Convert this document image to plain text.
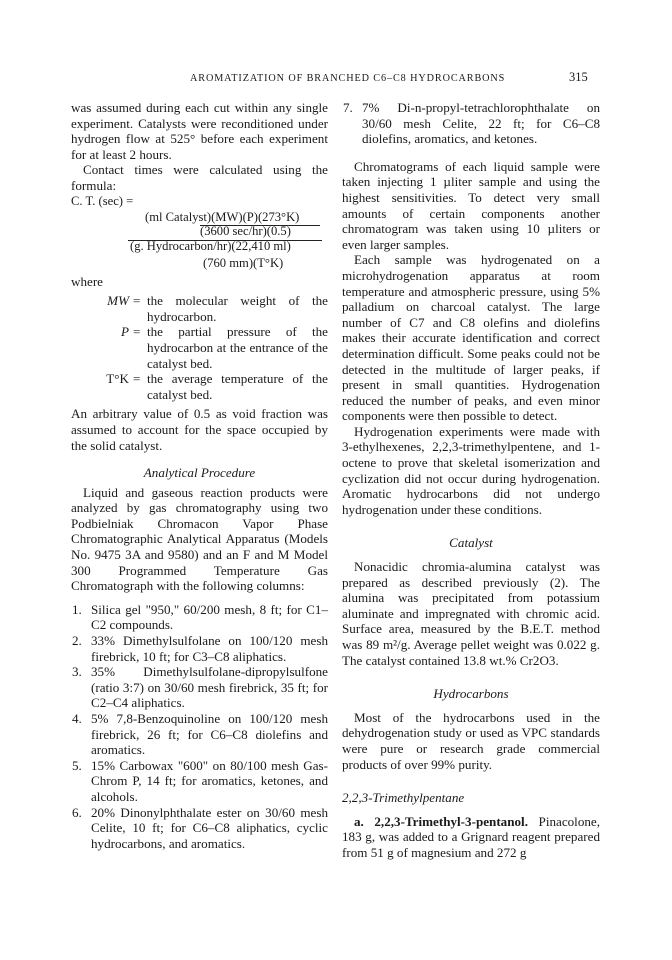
AROMATIZATION OF BRANCHED C6–C8 HYDROCARBONS	315

was assumed during each cut within any single experiment. Catalysts were reconditioned under hydrogen flow at 525° before each experiment for at least 2 hours.

Contact times were calculated using the formula:

C. T. (sec) =
(ml Catalyst)(MW)(P)(273°K)
(3600 sec/hr)(0.5)
(g. Hydrocarbon/hr)(22,410 ml)
(760 mm)(T°K)

where

MW = the molecular weight of the hydrocarbon.
P = the partial pressure of the hydrocarbon at the entrance of the catalyst bed.
T°K = the average temperature of the catalyst bed.

An arbitrary value of 0.5 as void fraction was assumed to account for the space occupied by the solid catalyst.

Analytical Procedure

Liquid and gaseous reaction products were analyzed by gas chromatography using two Podbielniak Chromacon Vapor Phase Chromatographic Analytical Apparatus (Models No. 9475 3A and 9580) and an F and M Model 300 Programmed Temperature Gas Chromatograph with the following columns:

1. Silica gel "950," 60/200 mesh, 8 ft; for C1–C2 compounds.
2. 33% Dimethylsulfolane on 100/120 mesh firebrick, 10 ft; for C3–C8 aliphatics.
3. 35% Dimethylsulfolane-dipropylsulfone (ratio 3:7) on 30/60 mesh firebrick, 35 ft; for C2–C4 aliphatics.
4. 5% 7,8-Benzoquinoline on 100/120 mesh firebrick, 26 ft; for C6–C8 diolefins and aromatics.
5. 15% Carbowax "600" on 80/100 mesh Gas-Chrom P, 14 ft; for aromatics, ketones, and alcohols.
6. 20% Dinonylphthalate ester on 30/60 mesh Celite, 10 ft; for C6–C8 aliphatics, cyclic hydrocarbons, and aromatics.
7. 7% Di-n-propyl-tetrachlorophthalate on 30/60 mesh Celite, 22 ft; for C6–C8 diolefins, aromatics, and ketones.

Chromatograms of each liquid sample were taken injecting 1 µliter sample and using the highest sensitivities. To detect very small amounts of certain components another chromatogram was taken using 10 µliters or even larger samples.

Each sample was hydrogenated on a microhydrogenation apparatus at room temperature and atmospheric pressure, using 5% palladium on charcoal catalyst. The large number of C7 and C8 olefins and diolefins makes their accurate identification and correct determination difficult. Some peaks could not be detected in the multitude of larger peaks, if present in small quantities. Hydrogenation reduced the number of peaks, and even minor components were then possible to detect.

Hydrogenation experiments were made with 3-ethylhexenes, 2,2,3-trimethylpentene, and 1-octene to prove that skeletal isomerization and cyclization did not occur during hydrogenation. Aromatic hydrocarbons did not undergo hydrogenation under these conditions.

Catalyst

Nonacidic chromia-alumina catalyst was prepared as described previously (2). The alumina was precipitated from potassium aluminate and impregnated with chromic acid. Surface area, measured by the B.E.T. method was 89 m²/g. Average pellet weight was 0.022 g. The catalyst contained 13.8 wt.% Cr2O3.

Hydrocarbons

Most of the hydrocarbons used in the dehydrogenation study or used as VPC standards were pure or research grade commercial products of over 99% purity.

2,2,3-Trimethylpentane

a. 2,2,3-Trimethyl-3-pentanol. Pinacolone, 183 g, was added to a Grignard reagent prepared from 51 g of magnesium and 272 g
